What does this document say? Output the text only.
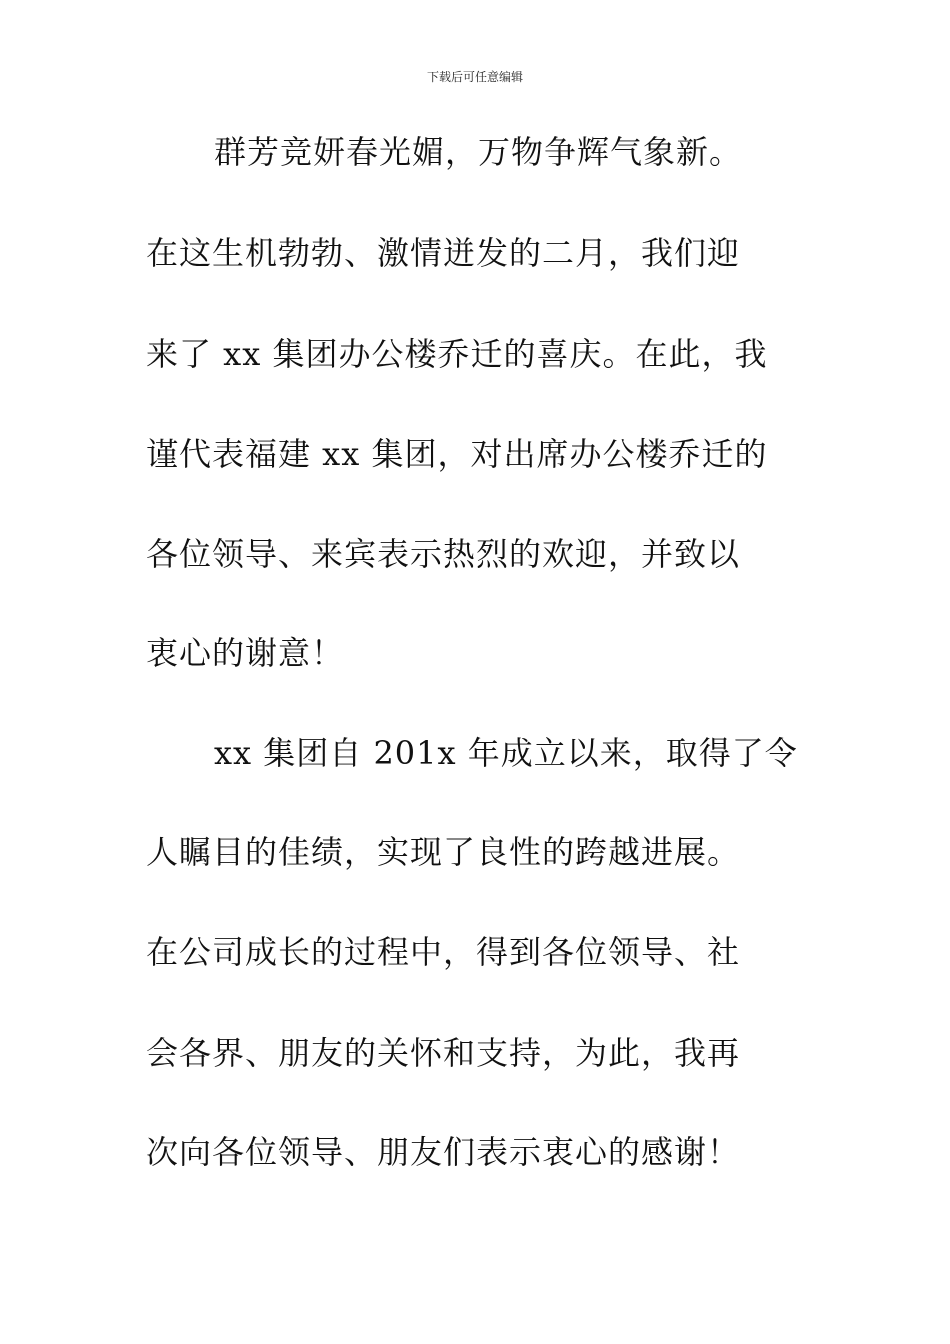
下载后可任意编辑
群芳竞妍春光媚，万物争辉气象新。
在这生机勃勃、激情迸发的二月，我们迎
来了 xx 集团办公楼乔迁的喜庆。在此，我
谨代表福建 xx 集团，对出席办公楼乔迁的
各位领导、来宾表示热烈的欢迎，并致以
衷心的谢意！
xx 集团自 201x 年成立以来，取得了令
人瞩目的佳绩，实现了良性的跨越进展。
在公司成长的过程中，得到各位领导、社
会各界、朋友的关怀和支持，为此，我再
次向各位领导、朋友们表示衷心的感谢！
